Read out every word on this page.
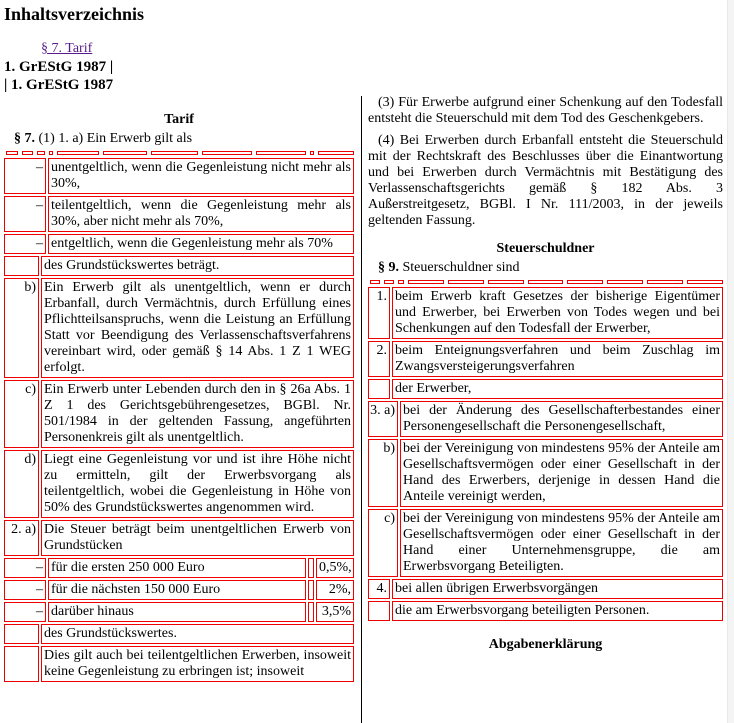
Inhaltsverzeichnis
§ 7. Tarif
1. GrEStG 1987 |
| 1. GrEStG 1987
Tarif
§ 7. (1) 1. a) Ein Erwerb gilt als
– unentgeltlich, wenn die Gegenleistung nicht mehr als 30%,
– teilentgeltlich, wenn die Gegenleistung mehr als 30%, aber nicht mehr als 70%,
– entgeltlich, wenn die Gegenleistung mehr als 70%
des Grundstückswertes beträgt.
b) Ein Erwerb gilt als unentgeltlich, wenn er durch Erbanfall, durch Vermächtnis, durch Erfüllung eines Pflichtteilsanspruchs, wenn die Leistung an Erfüllung Statt vor Beendigung des Verlassenschaftsverfahrens vereinbart wird, oder gemäß § 14 Abs. 1 Z 1 WEG erfolgt.
c) Ein Erwerb unter Lebenden durch den in § 26a Abs. 1 Z 1 des Gerichtsgebührengesetzes, BGBl. Nr. 501/1984 in der geltenden Fassung, angeführten Personenkreis gilt als unentgeltlich.
d) Liegt eine Gegenleistung vor und ist ihre Höhe nicht zu ermitteln, gilt der Erwerbsvorgang als teilentgeltlich, wobei die Gegenleistung in Höhe von 50% des Grundstückswertes angenommen wird.
2. a) Die Steuer beträgt beim unentgeltlichen Erwerb von Grundstücken
– für die ersten 250 000 Euro	0,5%,
– für die nächsten 150 000 Euro	2%,
– darüber hinaus	3,5%
des Grundstückswertes.
Dies gilt auch bei teilentgeltlichen Erwerben, insoweit keine Gegenleistung zu erbringen ist; insoweit

(3) Für Erwerbe aufgrund einer Schenkung auf den Todesfall entsteht die Steuerschuld mit dem Tod des Geschenkgebers.

(4) Bei Erwerben durch Erbanfall entsteht die Steuerschuld mit der Rechtskraft des Beschlusses über die Einantwortung und bei Erwerben durch Vermächtnis mit Bestätigung des Verlassenschaftsgerichts gemäß § 182 Abs. 3 Außerstreitgesetz, BGBl. I Nr. 111/2003, in der jeweils geltenden Fassung.

Steuerschuldner
§ 9. Steuerschuldner sind
1. beim Erwerb kraft Gesetzes der bisherige Eigentümer und Erwerber, bei Erwerben von Todes wegen und bei Schenkungen auf den Todesfall der Erwerber,
2. beim Enteignungsverfahren und beim Zuschlag im Zwangsversteigerungsverfahren
der Erwerber,
3. a) bei der Änderung des Gesellschafterbestandes einer Personengesellschaft die Personengesellschaft,
b) bei der Vereinigung von mindestens 95% der Anteile am Gesellschaftsvermögen oder einer Gesellschaft in der Hand des Erwerbers, derjenige in dessen Hand die Anteile vereinigt werden,
c) bei der Vereinigung von mindestens 95% der Anteile am Gesellschaftsvermögen oder einer Gesellschaft in der Hand einer Unternehmensgruppe, die am Erwerbsvorgang Beteiligten.
4. bei allen übrigen Erwerbsvorgängen
die am Erwerbsvorgang beteiligten Personen.
Abgabenerklärung
